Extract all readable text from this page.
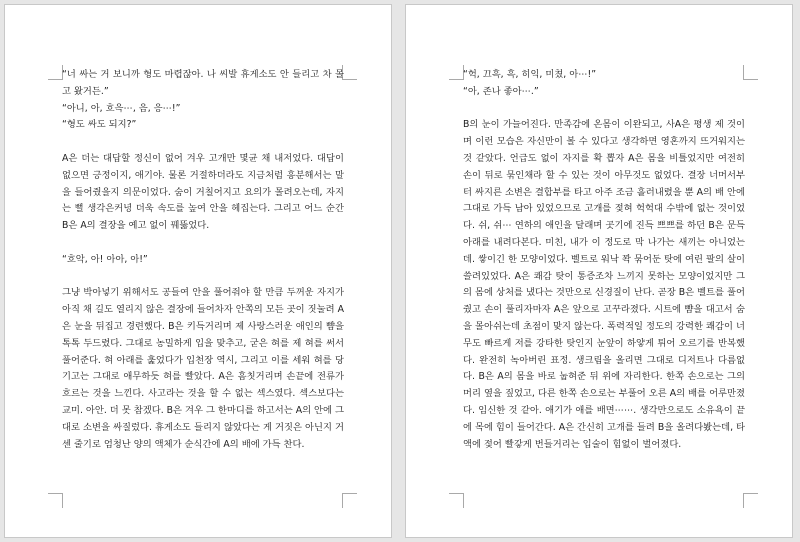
“너 싸는 거 보니까 형도 마렵잖아. 나 씨발 휴게소도 안 들리고 차 몰고 왔거든.”

“아니, 아, 흐윽⋯, 음, 응⋯!”

“형도 싸도 되지?”

A은 더는 대답할 정신이 없어 겨우 고개만 몇균 채 내저었다. 대답이 없으면 긍정이지, 애기야. 물론 거절하더라도 지금처럼 흥분해서는 말을 들어줬을지 의문이었다. 숨이 거칠어지고 요의가 몰려오는데, 자지는 뻘 생각은커녕 더욱 속도를 높여 안을 헤집는다. 그리고 어느 순간 B은 A의 결장을 예고 없이 꿰뚫었다.

“흐악, 아! 아아, 아!”

그냥 박아넣기 위해서도 공들여 안을 풀어줘야 할 만큼 두꺼운 자지가 아직 채 길도 열리지 않은 결장에 들어차자 안쪽의 모든 곳이 짓눌려 A은 눈을 뒤집고 경련했다. B은 키득거리며 제 사랑스러운 애인의 뺨을 톡톡 두드렸다. 그대로 농밀하게 입을 맞추고, 굳은 혀를 제 혀를 써서 풀어준다. 혀 아래를 훑었다가 입천장 역시, 그리고 이를 세워 혀를 당기고는 그대로 애무하듯 혀를 빨았다. A은 흠칫거리며 손끝에 전류가 흐르는 것을 느낀다. 사고라는 것을 할 수 없는 섹스였다. 섹스보다는 교미. 아안. 더 못 참겠다. B은 겨우 그 한마디를 하고서는 A의 안에 그대로 소변을 싸질렀다. 휴게소도 들리지 않았다는 게 거짓은 아닌지 거센 줄기로 엄청난 양의 액체가 순식간에 A의 배에 가득 찬다.

“헉, 끄흑, 흑, 히익, 미쳤, 아⋯!”

“아, 존나 좋아⋯.”

B의 눈이 가늘어진다. 만족감에 온몸이 이완되고, 사A은 평생 제 것이며 이런 모습은 자신만이 볼 수 있다고 생각하면 영혼까지 뜨거워지는 것 같았다. 언급도 없이 자지를 확 뽑자 A은 몸을 비틀었지만 여전히 손이 뒤로 묶인채라 할 수 있는 것이 아무것도 없었다. 결장 너머서부터 싸지른 소변은 결합부를 타고 아주 조금 흘러내렸을 뿐 A의 배 안에 그대로 가득 남아 있었으므로 고개를 젖혀 헉헉대 수밖에 없는 것이었다. 쉬, 쉬⋯ 연하의 애인을 달래며 곳기에 진득 쁘쁘를 하던 B은 문득 아래를 내려다본다. 미친, 내가 이 정도로 막 나가는 새끼는 아니었는데. 쌓이긴 한 모양이었다. 벨트로 워낙 꽉 묶어둔 탓에 여린 팔의 살이 쓸려있었다. A은 쾌감 탓이 통증조차 느끼지 못하는 모양이었지만 그의 몸에 상처를 냈다는 것만으로 신경질이 난다. 곧장 B은 벨트를 풀어줬고 손이 풀리자마자 A은 앞으로 고꾸라졌다. 시트에 뺨을 대고서 숨을 몰아쉬는데 초점이 맞지 않는다. 폭력적일 정도의 강력한 쾌감이 너무도 빠르게 저를 강타한 탓인지 눈앞이 하얗게 튀어 오르기를 반복했다. 완전히 녹아버린 표정. 생크림을 올리면 그대로 디저트나 다름없다. B은 A의 몸을 바로 눕혀준 뒤 위에 자리한다. 한쪽 손으로는 그의 머리 옆을 짚었고, 다른 한쪽 손으로는 부풀어 오른 A의 배를 어루만졌다. 임신한 것 같아. 애기가 애를 배면⋯⋯. 생각만으로도 소유욕이 끝에 목에 힘이 들어간다. A은 간신히 고개를 들려 B을 올려다봤는데, 타액에 젖어 빨갛게 번들거리는 입술이 힘없이 벌어졌다.
